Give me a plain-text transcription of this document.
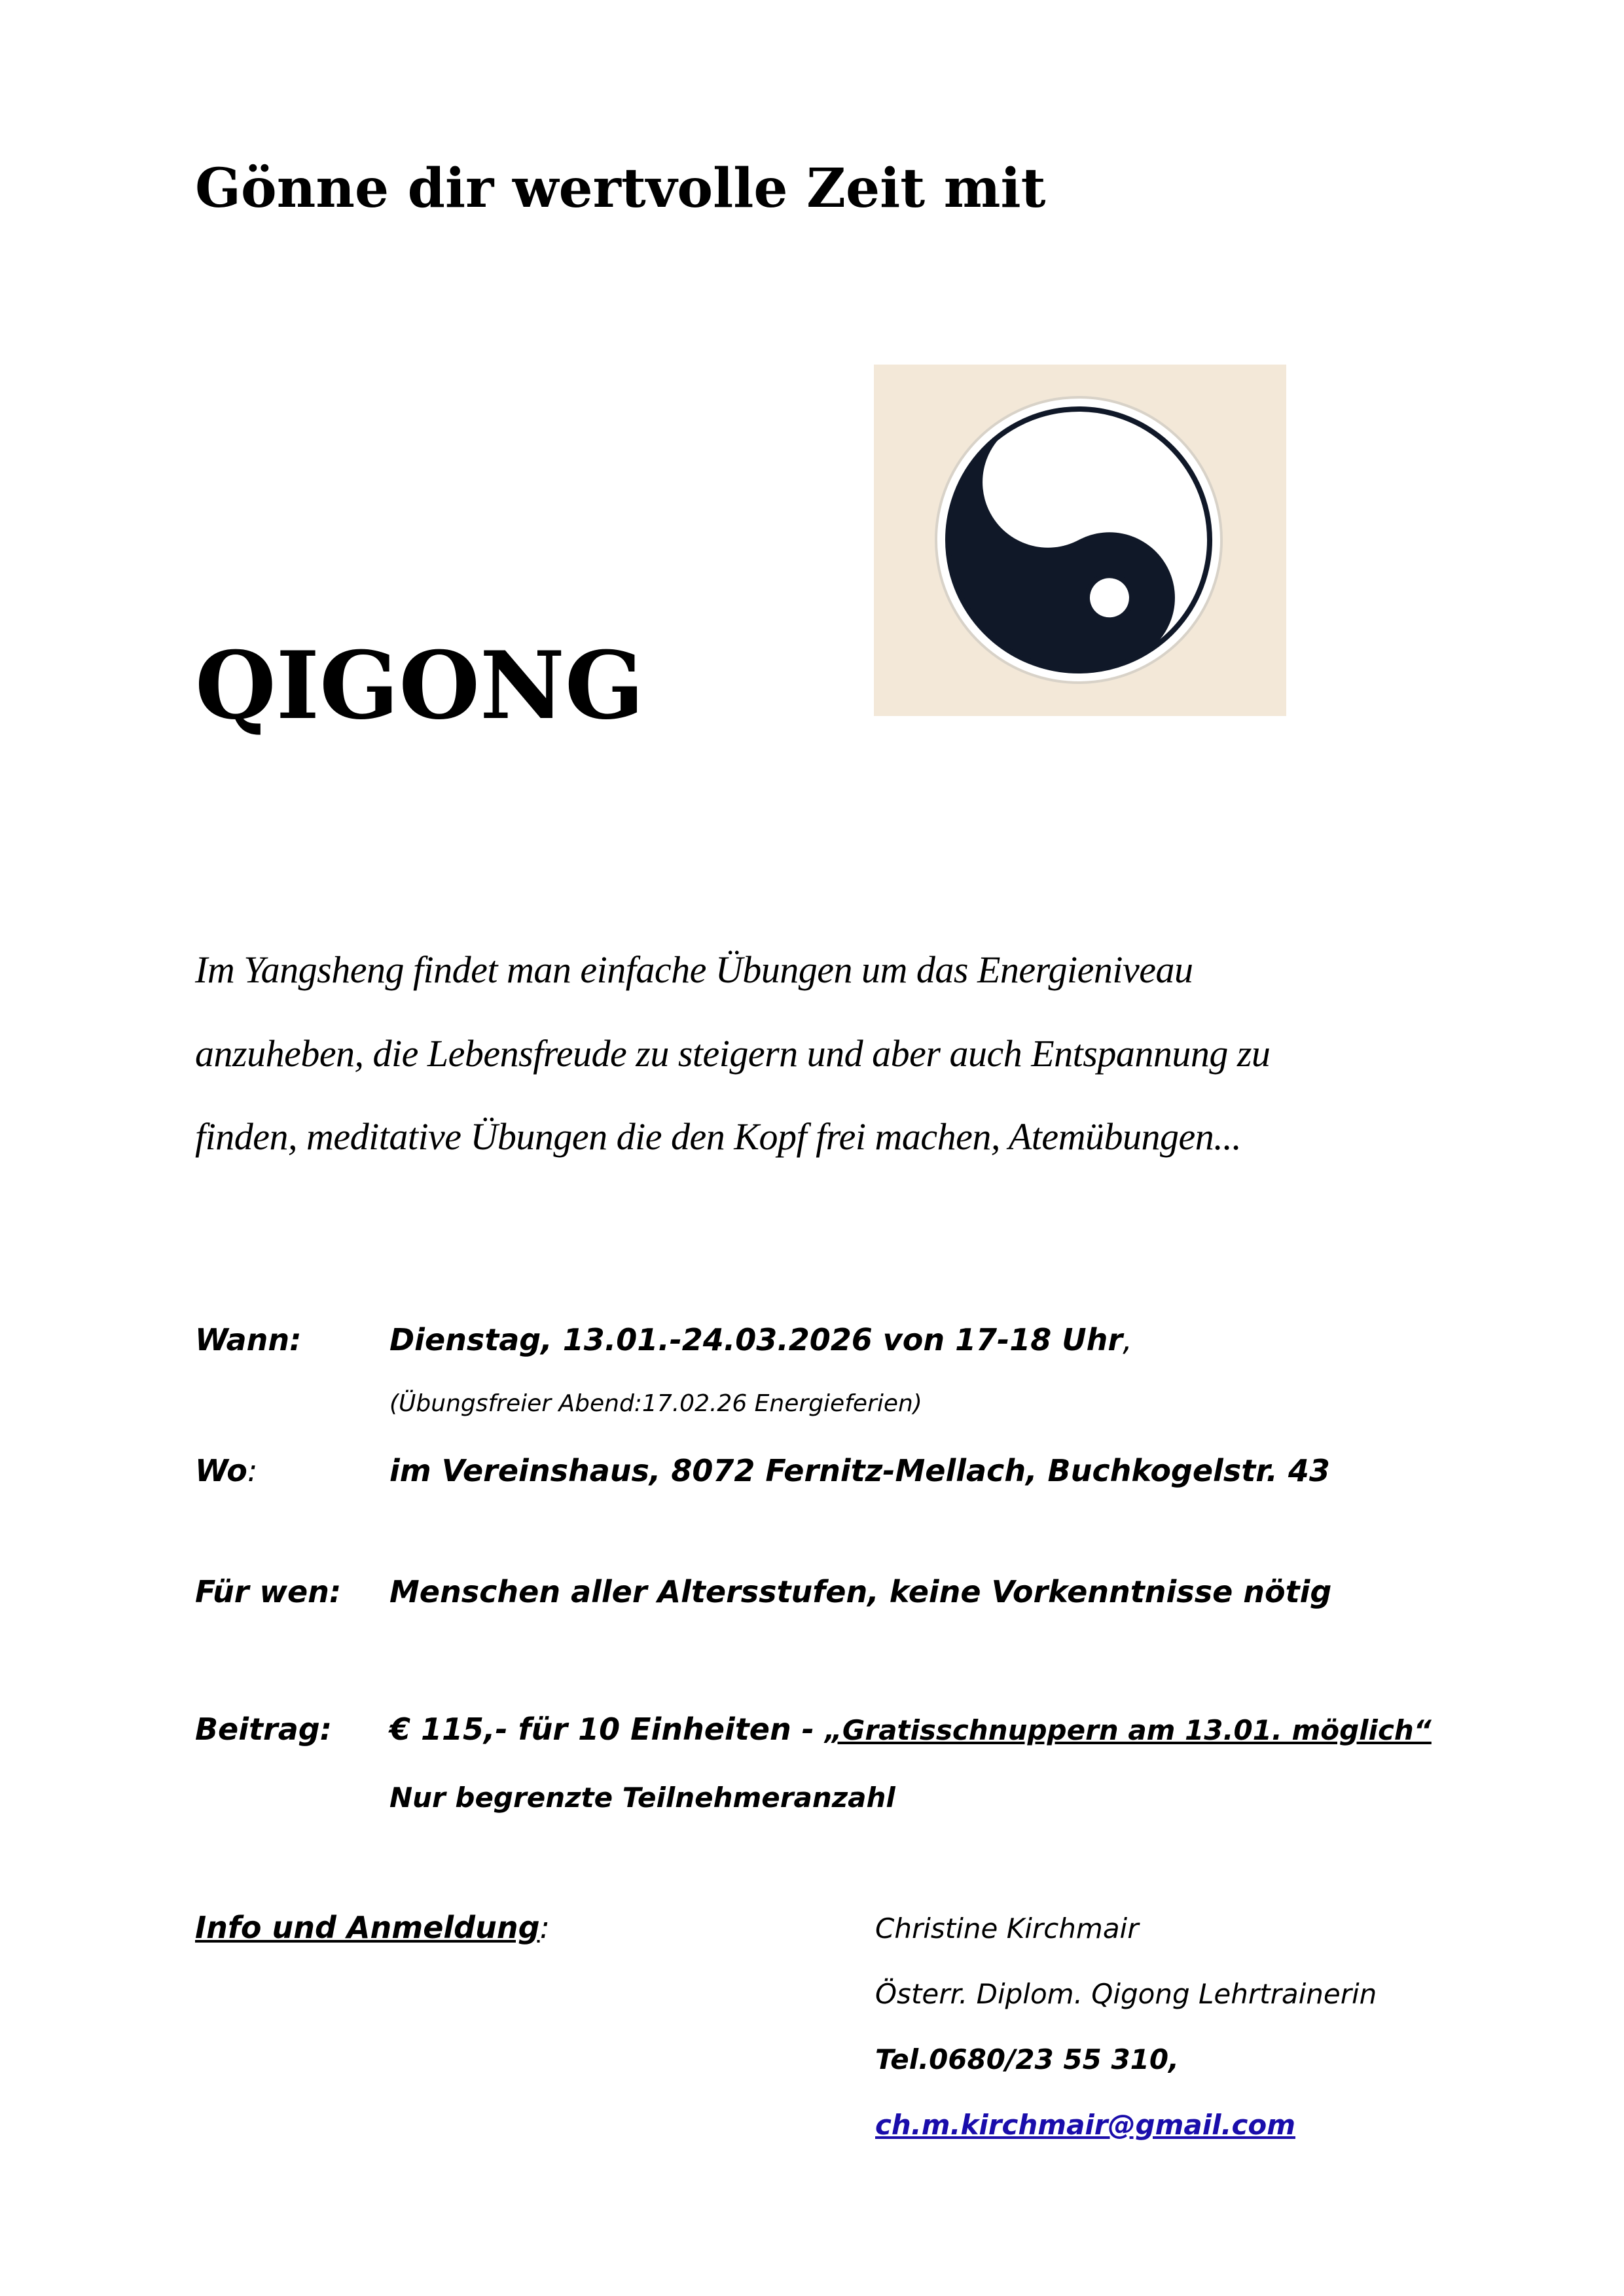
Gönne dir wertvolle Zeit mit
QIGONG
Im Yangsheng findet man einfache Übungen um das Energieniveau
anzuheben, die Lebensfreude zu steigern und aber auch Entspannung zu
finden, meditative Übungen die den Kopf frei machen, Atemübungen...
Wann:	Dienstag, 13.01.-24.03.2026 von 17-18 Uhr,
(Übungsfreier Abend:17.02.26 Energieferien)
Wo:	im Vereinshaus, 8072 Fernitz-Mellach, Buchkogelstr. 43
Für wen: Menschen aller Altersstufen, keine Vorkenntnisse nötig
Beitrag: € 115,- für 10 Einheiten - „Gratisschnuppern am 13.01. möglich“
Nur begrenzte Teilnehmeranzahl
Info und Anmeldung:	Christine Kirchmair
Österr. Diplom. Qigong Lehrtrainerin
Tel.0680/23 55 310,
ch.m.kirchmair@gmail.com
